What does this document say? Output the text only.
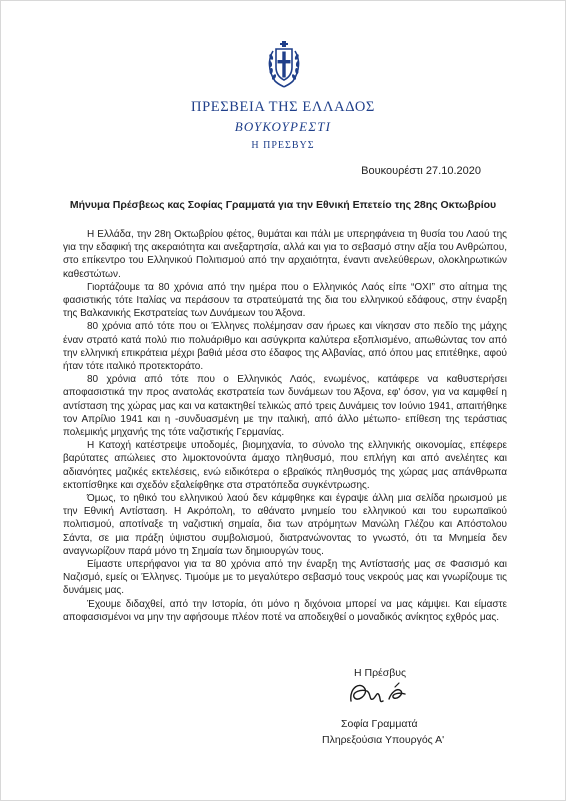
ΠΡΕΣΒΕΙΑ ΤΗΣ ΕΛΛΑΔΟΣ
ΒΟΥΚΟΥΡΕΣΤΙ
Η ΠΡΕΣΒΥΣ
Βουκουρέστι 27.10.2020
Μήνυμα Πρέσβεως κας Σοφίας Γραμματά για την Εθνική Επετείο της 28ης Οκτωβρίου

Η Ελλάδα, την 28η Οκτωβρίου φέτος, θυμάται και πάλι με υπερηφάνεια τη θυσία του Λαού της για την εδαφική της ακεραιότητα και ανεξαρτησία, αλλά και για το σεβασμό στην αξία του Ανθρώπου, στο επίκεντρο του Ελληνικού Πολιτισμού από την αρχαιότητα, έναντι ανελεύθερων, ολοκληρωτικών καθεστώτων.

Γιορτάζουμε τα 80 χρόνια από την ημέρα που ο Ελληνικός Λαός είπε “ΟΧΙ” στο αίτημα της φασιστικής τότε Ιταλίας να περάσουν τα στρατεύματά της δια του ελληνικού εδάφους, στην έναρξη της Βαλκανικής Εκστρατείας των Δυνάμεων του Άξονα.

80 χρόνια από τότε που οι Έλληνες πολέμησαν σαν ήρωες και νίκησαν στο πεδίο της μάχης έναν στρατό κατά πολύ πιο πολυάριθμο και ασύγκριτα καλύτερα εξοπλισμένο, απωθώντας τον από την ελληνική επικράτεια μέχρι βαθιά μέσα στο έδαφος της Αλβανίας, από όπου μας επιτέθηκε, αφού ήταν τότε ιταλικό προτεκτοράτο.

80 χρόνια από τότε που ο Ελληνικός Λαός, ενωμένος, κατάφερε να καθυστερήσει αποφασιστικά την προς ανατολάς εκστρατεία των δυνάμεων του Άξονα, εφ' όσον, για να καμφθεί η αντίσταση της χώρας μας και να κατακτηθεί τελικώς από τρεις Δυνάμεις τον Ιούνιο 1941, απαιτήθηκε τον Απρίλιο 1941 και η -συνδυασμένη με την ιταλική, από άλλο μέτωπο- επίθεση της τεράστιας πολεμικής μηχανής της τότε ναζιστικής Γερμανίας.

Η Κατοχή κατέστρεψε υποδομές, βιομηχανία, το σύνολο της ελληνικής οικονομίας, επέφερε βαρύτατες απώλειες στο λιμοκτονούντα άμαχο πληθυσμό, που επλήγη και από ανελέητες και αδιανόητες μαζικές εκτελέσεις, ενώ ειδικότερα ο εβραϊκός πληθυσμός της χώρας μας απάνθρωπα εκτοπίσθηκε και σχεδόν εξαλείφθηκε στα στρατόπεδα συγκέντρωσης.

Όμως, το ηθικό του ελληνικού λαού δεν κάμφθηκε και έγραψε άλλη μια σελίδα ηρωισμού με την Εθνική Αντίσταση. Η Ακρόπολη, το αθάνατο μνημείο του ελληνικού και του ευρωπαϊκού πολιτισμού, αποτίναξε τη ναζιστική σημαία, δια των ατρόμητων Μανώλη Γλέζου και Απόστολου Σάντα, σε μια πράξη ύψιστου συμβολισμού, διατρανώνοντας το γνωστό, ότι τα Μνημεία δεν αναγνωρίζουν παρά μόνο τη Σημαία των δημιουργών τους.

Είμαστε υπερήφανοι για τα 80 χρόνια από την έναρξη της Αντίστασής μας σε Φασισμό και Ναζισμό, εμείς οι Έλληνες. Τιμούμε με το μεγαλύτερο σεβασμό τους νεκρούς μας και γνωρίζουμε τις δυνάμεις μας.

Έχουμε διδαχθεί, από την Ιστορία, ότι μόνο η διχόνοια μπορεί να μας κάμψει. Και είμαστε αποφασισμένοι να μην την αφήσουμε πλέον ποτέ να αποδειχθεί ο μοναδικός ανίκητος εχθρός μας.

Η Πρέσβυς
Σοφία Γραμματά
Πληρεξούσια Υπουργός Α'
